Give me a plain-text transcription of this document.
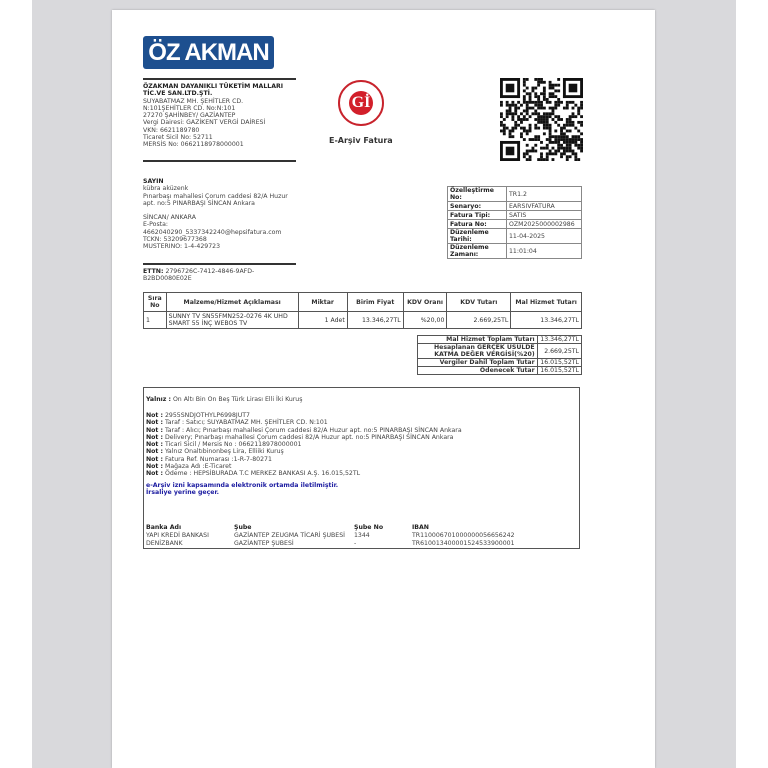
ÖZ AKMAN
ÖZAKMAN DAYANIKLI TÜKETİM MALLARI TİC.VE SAN.LTD.ŞTİ.
SUYABATMAZ MH. ŞEHİTLER CD. N:101ŞEHİTLER CD. No:N:101
27270 ŞAHİNBEY/ GAZİANTEP
Vergi Dairesi: GAZİKENT VERGİ DAİRESİ
VKN: 6621189780
Ticaret Sicil No: 52711
MERSİS No: 0662118978000001
Gİ
E-Arşiv Fatura
SAYIN
kübra aküzenk
Pınarbaşı mahallesi Çorum caddesi 82/A Huzur apt. no:5 PINARBAŞI SİNCAN Ankara
SİNCAN/ ANKARA
E-Posta:
4662040290_5337342240@hepsifatura.com
TCKN: 53209677368
MUSTERINO: 1-4-429723
ETTN: 2796726C-7412-4846-9AFD-B2BD0080E02E
Özelleştirme No:	TR1.2
Senaryo:	EARSIVFATURA
Fatura Tipi:	SATIS
Fatura No:	OZM2025000002986
Düzenleme Tarihi:	11-04-2025
Düzenleme Zamanı:	11:01:04
Sıra No	Malzeme/Hizmet Açıklaması	Miktar	Birim Fiyat	KDV Oranı	KDV Tutarı	Mal Hizmet Tutarı
1	SUNNY TV SN55FMN252-0276 4K UHD SMART 55 İNÇ WEBOS TV	1 Adet	13.346,27TL	%20,00	2.669,25TL	13.346,27TL
Mal Hizmet Toplam Tutarı	13.346,27TL
Hesaplanan GERÇEK USULDE KATMA DEĞER VERGİSİ(%20)	2.669,25TL
Vergiler Dahil Toplam Tutar	16.015,52TL
Ödenecek Tutar	16.015,52TL
Yalnız : On Altı Bin On Beş Türk Lirası Elli İki Kuruş
Not : 2955SNDJOTHYLP6998JUT7
Not : Taraf : Satıcı; SUYABATMAZ MH. ŞEHİTLER CD. N:101
Not : Taraf : Alıcı; Pınarbaşı mahallesi Çorum caddesi 82/A Huzur apt. no:5 PINARBAŞI SİNCAN Ankara
Not : Delivery; Pınarbaşı mahallesi Çorum caddesi 82/A Huzur apt. no:5 PINARBAŞI SİNCAN Ankara
Not : Ticari Sicil / Mersis No : 0662118978000001
Not : Yalnız Onaltıbinonbeş Lira, Elliiki Kuruş
Not : Fatura Ref. Numarası :1-R-7-80271
Not : Mağaza Adı :E-Ticaret
Not : Ödeme : HEPSİBURADA T.C MERKEZ BANKASI A.Ş. 16.015,52TL
e-Arşiv izni kapsamında elektronik ortamda iletilmiştir.
İrsaliye yerine geçer.
Banka Adı	Şube	Şube No	IBAN
YAPI KREDİ BANKASI	GAZİANTEP ZEUGMA TİCARİ ŞUBESİ	1344	TR110006701000000056656242
DENİZBANK	GAZİANTEP ŞUBESİ	-	TR610013400001524533900001
